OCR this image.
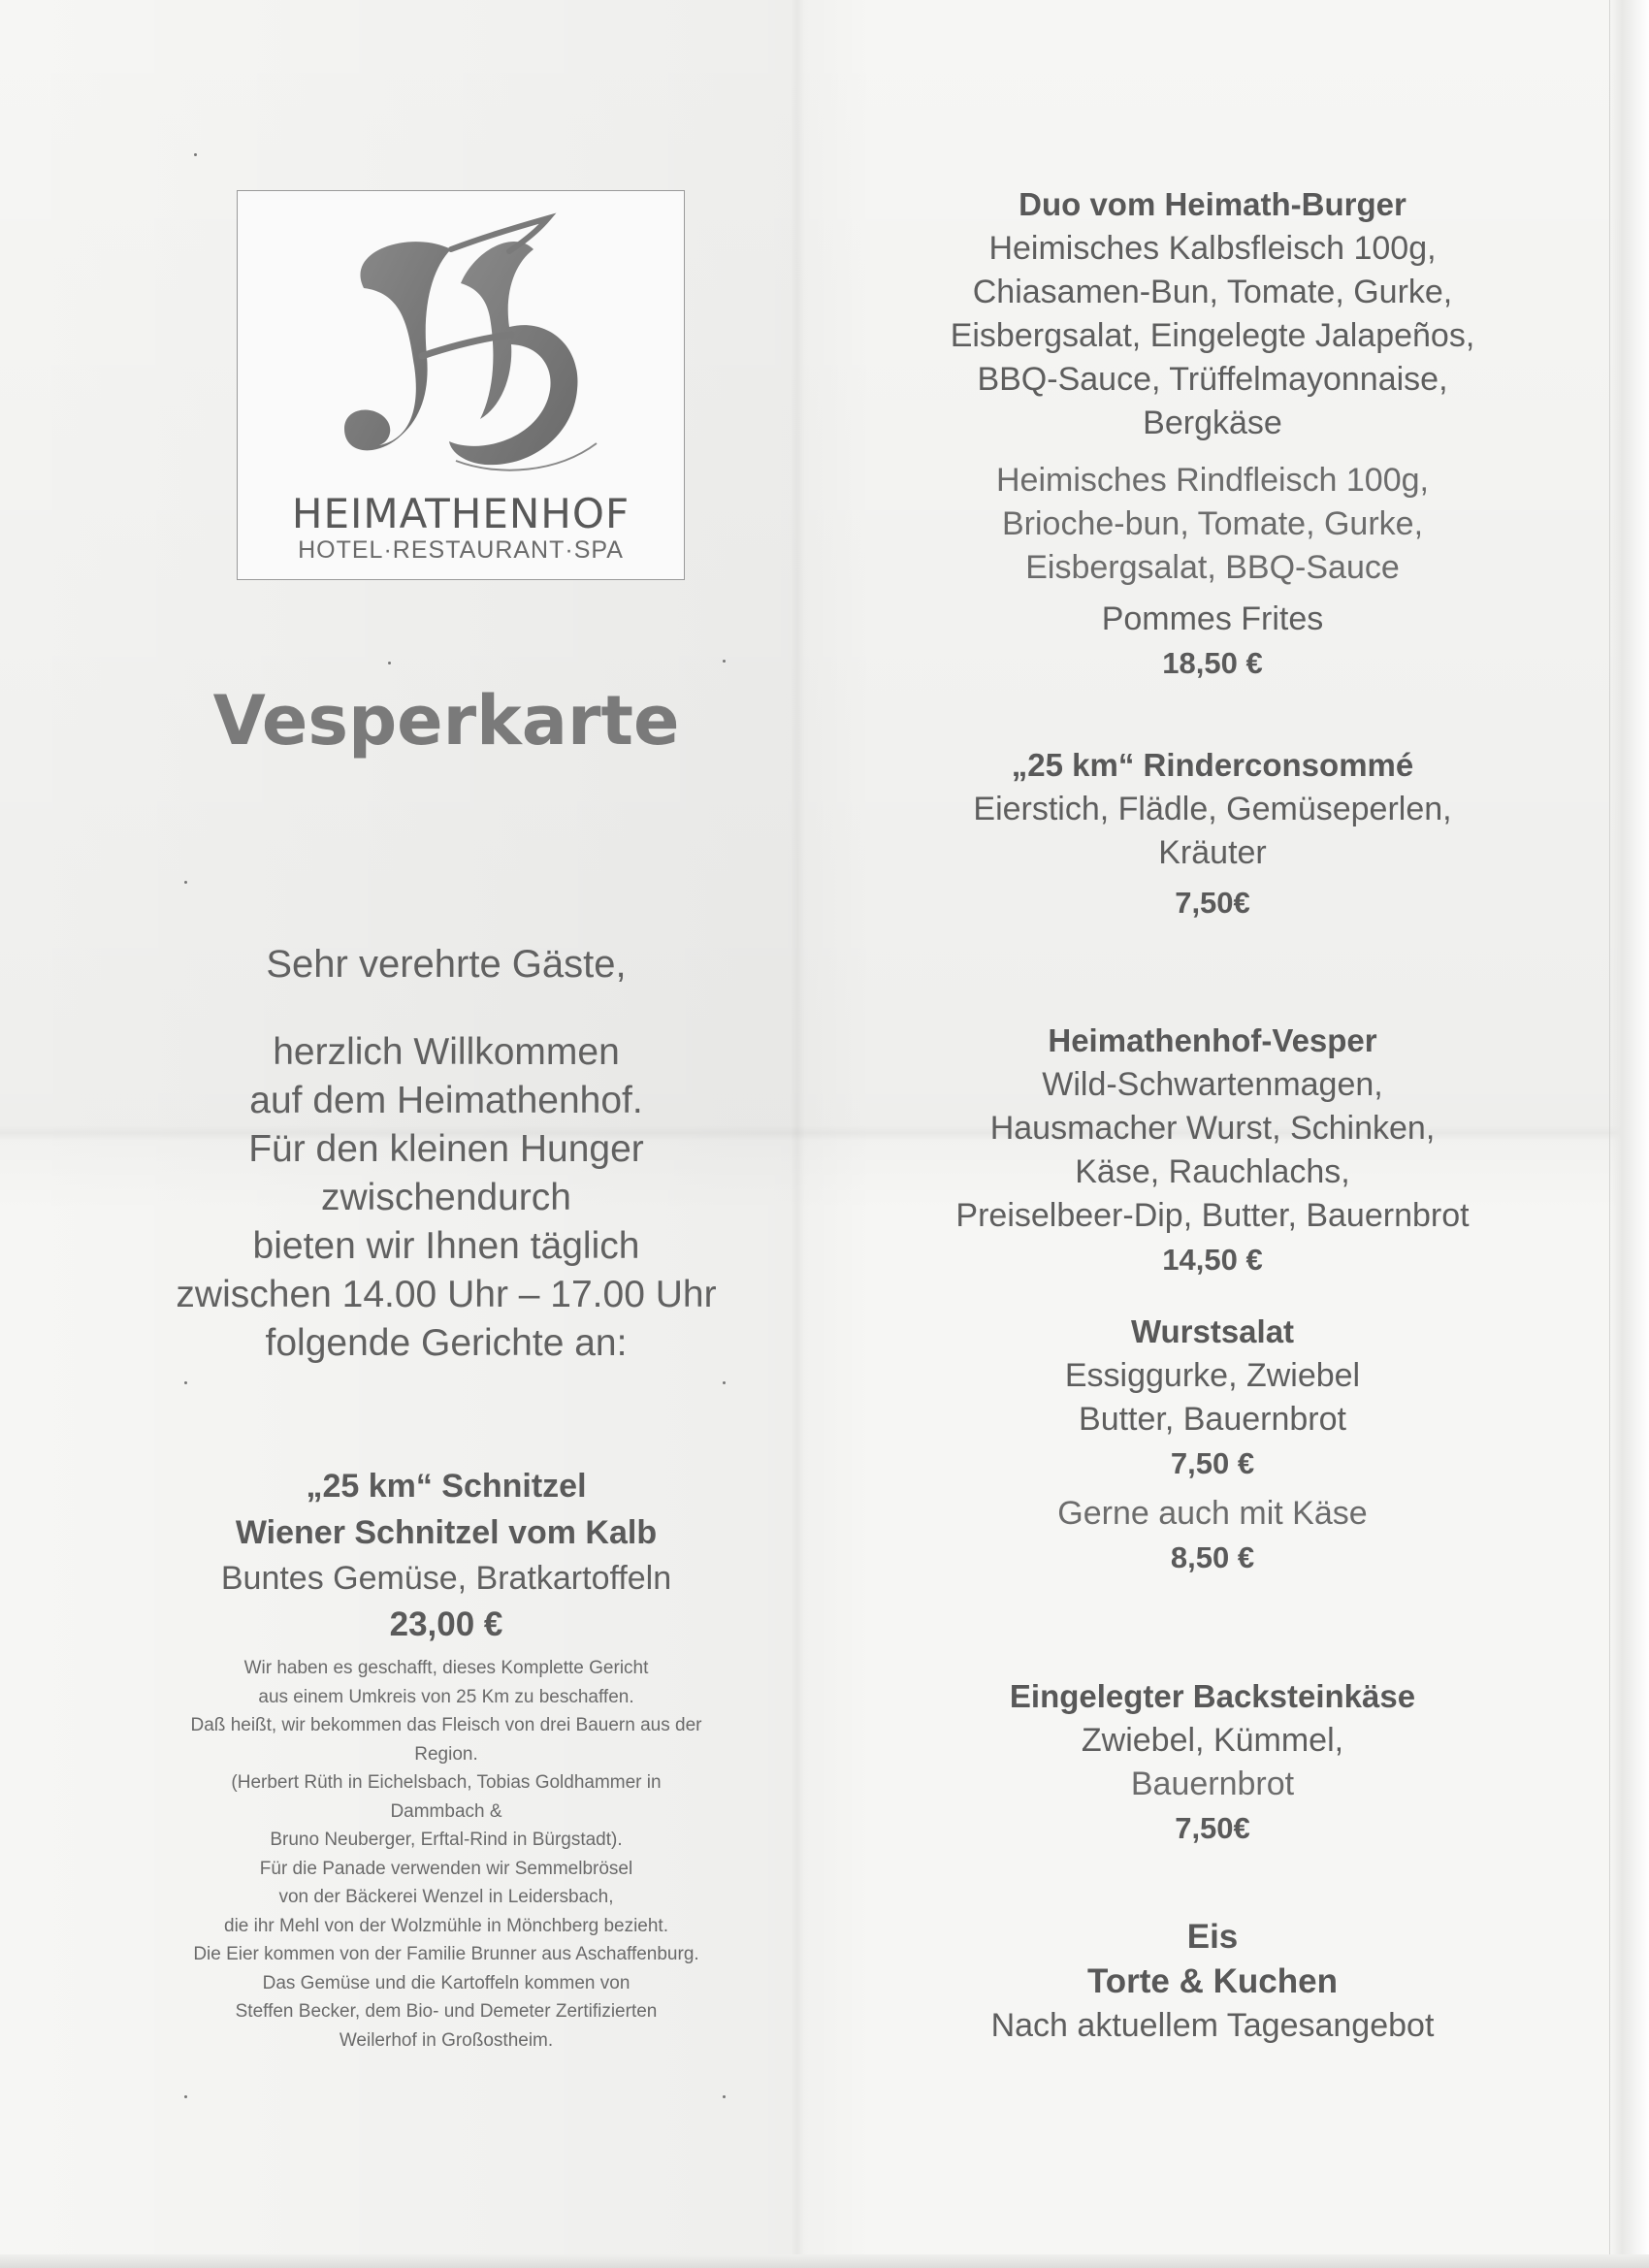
HEIMATHENHOF
HOTEL·RESTAURANT·SPA
Vesperkarte
Sehr verehrte Gäste,
herzlich Willkommen
auf dem Heimathenhof.
Für den kleinen Hunger
zwischendurch
bieten wir Ihnen täglich
zwischen 14.00 Uhr – 17.00 Uhr
folgende Gerichte an:
„25 km“ Schnitzel
Wiener Schnitzel vom Kalb
Buntes Gemüse, Bratkartoffeln
23,00 €
Wir haben es geschafft, dieses Komplette Gericht
aus einem Umkreis von 25 Km zu beschaffen.
Daß heißt, wir bekommen das Fleisch von drei Bauern aus der
Region.
(Herbert Rüth in Eichelsbach, Tobias Goldhammer in
Dammbach &
Bruno Neuberger, Erftal-Rind in Bürgstadt).
Für die Panade verwenden wir Semmelbrösel
von der Bäckerei Wenzel in Leidersbach,
die ihr Mehl von der Wolzmühle in Mönchberg bezieht.
Die Eier kommen von der Familie Brunner aus Aschaffenburg.
Das Gemüse und die Kartoffeln kommen von
Steffen Becker, dem Bio- und Demeter Zertifizierten
Weilerhof in Großostheim.
Duo vom Heimath-Burger
Heimisches Kalbsfleisch 100g,
Chiasamen-Bun, Tomate, Gurke,
Eisbergsalat, Eingelegte Jalapeños,
BBQ-Sauce, Trüffelmayonnaise,
Bergkäse
Heimisches Rindfleisch 100g,
Brioche-bun, Tomate, Gurke,
Eisbergsalat, BBQ-Sauce
Pommes Frites
18,50 €
„25 km“ Rinderconsommé
Eierstich, Flädle, Gemüseperlen,
Kräuter
7,50€
Heimathenhof-Vesper
Wild-Schwartenmagen,
Hausmacher Wurst, Schinken,
Käse, Rauchlachs,
Preiselbeer-Dip, Butter, Bauernbrot
14,50 €
Wurstsalat
Essiggurke, Zwiebel
Butter, Bauernbrot
7,50 €
Gerne auch mit Käse
8,50 €
Eingelegter Backsteinkäse
Zwiebel, Kümmel,
Bauernbrot
7,50€
Eis
Torte & Kuchen
Nach aktuellem Tagesangebot
